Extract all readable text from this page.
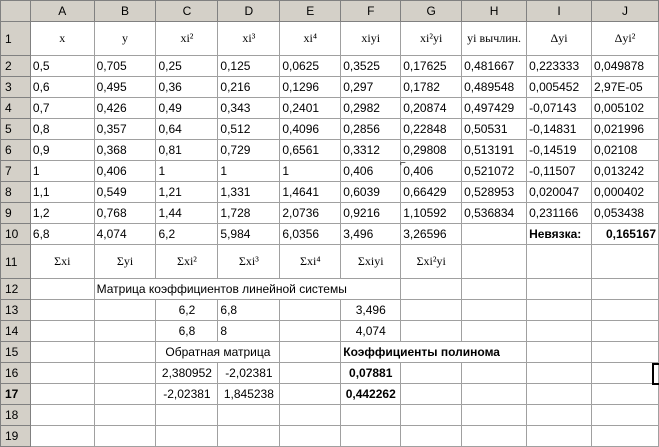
	A	B	C	D	E	F	G	H	I	J
1	x	y	xi²	xi³	xi⁴	xiyi	xi²yi	yi вычлин.	Δyi	Δyi²
2	0,5	0,705	0,25	0,125	0,0625	0,3525	0,17625	0,481667	0,223333	0,049878
3	0,6	0,495	0,36	0,216	0,1296	0,297	0,1782	0,489548	0,005452	2,97E-05
4	0,7	0,426	0,49	0,343	0,2401	0,2982	0,20874	0,497429	-0,07143	0,005102
5	0,8	0,357	0,64	0,512	0,4096	0,2856	0,22848	0,50531	-0,14831	0,021996
6	0,9	0,368	0,81	0,729	0,6561	0,3312	0,29808	0,513191	-0,14519	0,02108
7	1	0,406	1	1	1	0,406	0,406	0,521072	-0,11507	0,013242
8	1,1	0,549	1,21	1,331	1,4641	0,6039	0,66429	0,528953	0,020047	0,000402
9	1,2	0,768	1,44	1,728	2,0736	0,9216	1,10592	0,536834	0,231166	0,053438
10	6,8	4,074	6,2	5,984	6,0356	3,496	3,26596		Невязка:	0,165167
11	Σxi	Σyi	Σxi²	Σxi³	Σxi⁴	Σxiyi	Σxi²yi			
12		Матрица коэффициентов линейной системы								
13			6,2	6,8		3,496				
14			6,8	8		4,074				
15			Обратная матрица			Коэффициенты полинома				
16			2,380952	-2,02381		0,07881				
17			-2,02381	1,845238		0,442262				
18										
19										
⌐
